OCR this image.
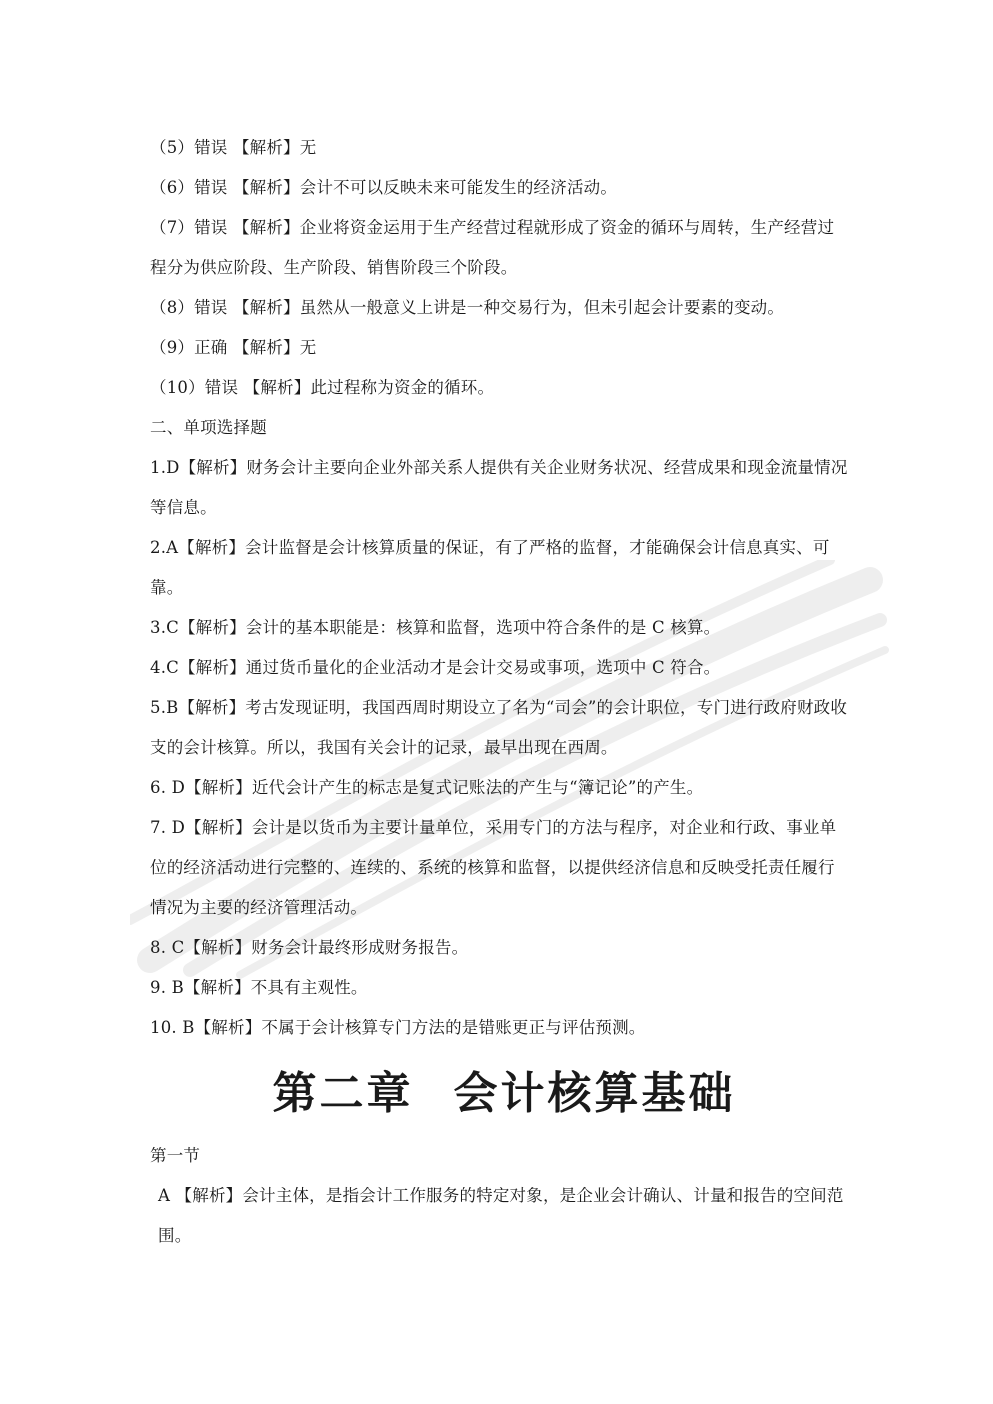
（5）错误 【解析】无
（6）错误 【解析】会计不可以反映未来可能发生的经济活动。
（7）错误 【解析】企业将资金运用于生产经营过程就形成了资金的循环与周转，生产经营过程分为供应阶段、生产阶段、销售阶段三个阶段。
（8）错误 【解析】虽然从一般意义上讲是一种交易行为，但未引起会计要素的变动。
（9）正确 【解析】无
（10）错误 【解析】此过程称为资金的循环。
二、单项选择题
1.D【解析】财务会计主要向企业外部关系人提供有关企业财务状况、经营成果和现金流量情况等信息。
2.A【解析】会计监督是会计核算质量的保证，有了严格的监督，才能确保会计信息真实、可靠。
3.C【解析】会计的基本职能是：核算和监督，选项中符合条件的是 C 核算。
4.C【解析】通过货币量化的企业活动才是会计交易或事项，选项中 C 符合。
5.B【解析】考古发现证明，我国西周时期设立了名为“司会”的会计职位，专门进行政府财政收支的会计核算。所以，我国有关会计的记录，最早出现在西周。
6. D【解析】近代会计产生的标志是复式记账法的产生与“簿记论”的产生。
7. D【解析】会计是以货币为主要计量单位，采用专门的方法与程序，对企业和行政、事业单位的经济活动进行完整的、连续的、系统的核算和监督，以提供经济信息和反映受托责任履行情况为主要的经济管理活动。
8. C【解析】财务会计最终形成财务报告。
9. B【解析】不具有主观性。
10. B【解析】不属于会计核算专门方法的是错账更正与评估预测。
第二章 会计核算基础
第一节
A 【解析】会计主体，是指会计工作服务的特定对象，是企业会计确认、计量和报告的空间范围。
